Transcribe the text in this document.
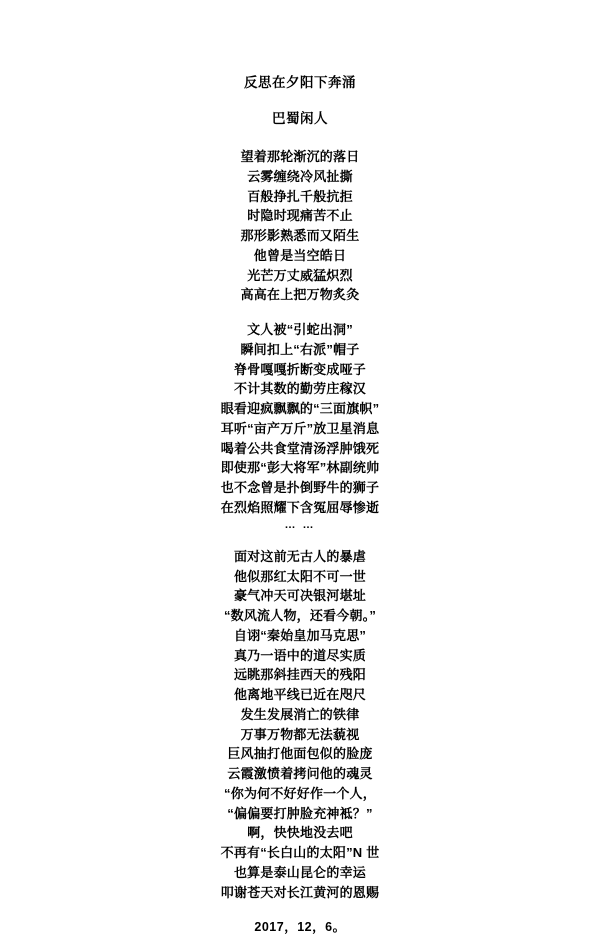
反思在夕阳下奔涌
巴蜀闲人
望着那轮渐沉的落日
云雾缠绕冷风扯撕
百般挣扎千般抗拒
时隐时现痛苦不止
那形影熟悉而又陌生
他曾是当空皓日
光芒万丈威猛炽烈
高高在上把万物炙灸
文人被“引蛇出洞”
瞬间扣上“右派”帽子
脊骨嘎嘎折断变成哑子
不计其数的勤劳庄稼汉
眼看迎疯飘飘的“三面旗帜”
耳听“亩产万斤”放卫星消息
喝着公共食堂清汤浮肿饿死
即使那“彭大将军”林副统帅
也不念曾是扑倒野牛的狮子
在烈焰照耀下含冤屈辱惨逝
… …
面对这前无古人的暴虐
他似那红太阳不可一世
豪气冲天可决银河堪址
“数风流人物，还看今朝。”
自诩“秦始皇加马克思”
真乃一语中的道尽实质
远眺那斜挂西天的残阳
他离地平线已近在咫尺
发生发展消亡的铁律
万事万物都无法藐视
巨风抽打他面包似的脸庞
云霞激愤着拷问他的魂灵
“你为何不好好作一个人，
“偏偏要打肿脸充神袛？”
啊，快快地没去吧
不再有“长白山的太阳”N 世
也算是泰山昆仑的幸运
叩谢苍天对长江黄河的恩赐
2017，12，6。
